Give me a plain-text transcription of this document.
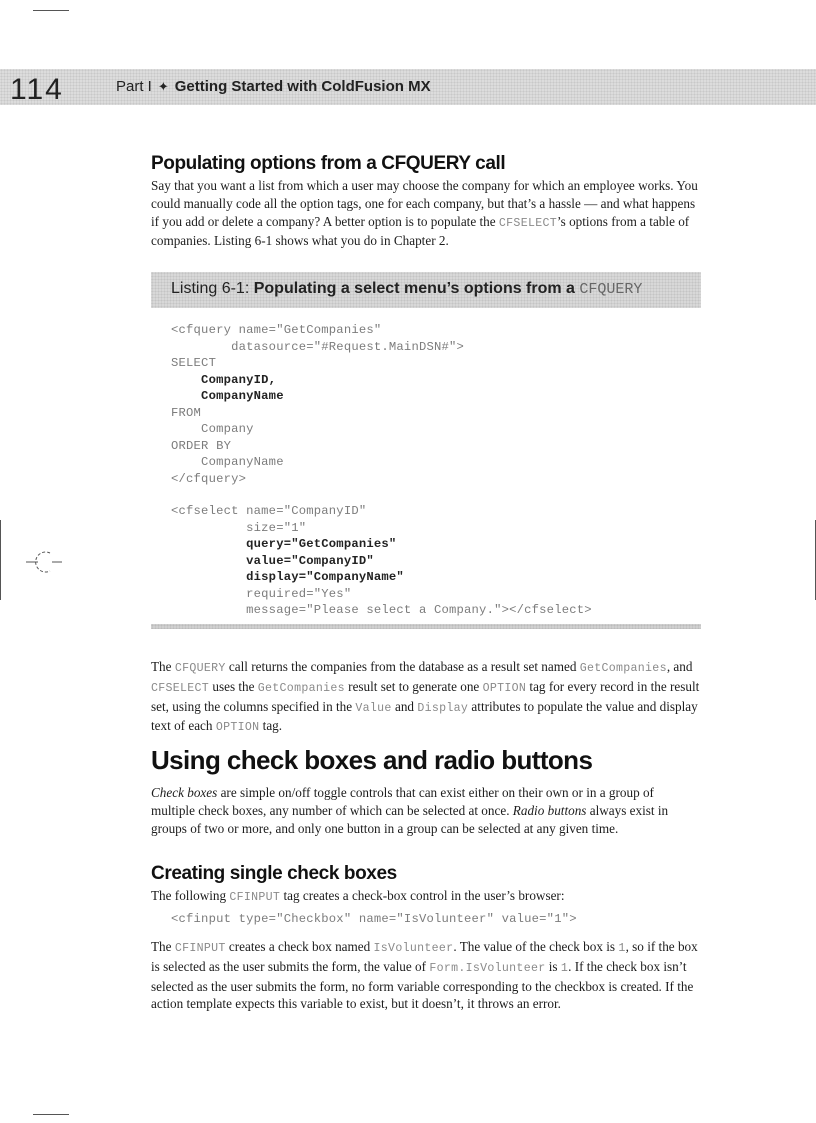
114	Part I ✦ Getting Started with ColdFusion MX
Populating options from a CFQUERY call

Say that you want a list from which a user may choose the company for which an employee works. You could manually code all the option tags, one for each company, but that’s a hassle — and what happens if you add or delete a company? A better option is to populate the CFSELECT’s options from a table of companies. Listing 6-1 shows what you do in Chapter 2.

Listing 6-1: Populating a select menu’s options from a CFQUERY
<cfquery name="GetCompanies"
datasource="#Request.MainDSN#">
SELECT
CompanyID,
CompanyName
FROM
Company
ORDER BY
CompanyName
</cfquery>
<cfselect name="CompanyID"
size="1"
query="GetCompanies"
value="CompanyID"
display="CompanyName"
required="Yes"
message="Please select a Company."></cfselect>

The CFQUERY call returns the companies from the database as a result set named GetCompanies, and CFSELECT uses the GetCompanies result set to generate one OPTION tag for every record in the result set, using the columns specified in the Value and Display attributes to populate the value and display text of each OPTION tag.

Using check boxes and radio buttons

Check boxes are simple on/off toggle controls that can exist either on their own or in a group of multiple check boxes, any number of which can be selected at once. Radio buttons always exist in groups of two or more, and only one button in a group can be selected at any given time.

Creating single check boxes

The following CFINPUT tag creates a check-box control in the user’s browser:

<cfinput type="Checkbox" name="IsVolunteer" value="1">

The CFINPUT creates a check box named IsVolunteer. The value of the check box is 1, so if the box is selected as the user submits the form, the value of Form.IsVolunteer is 1. If the check box isn’t selected as the user submits the form, no form variable corresponding to the checkbox is created. If the action template expects this variable to exist, but it doesn’t, it throws an error.
